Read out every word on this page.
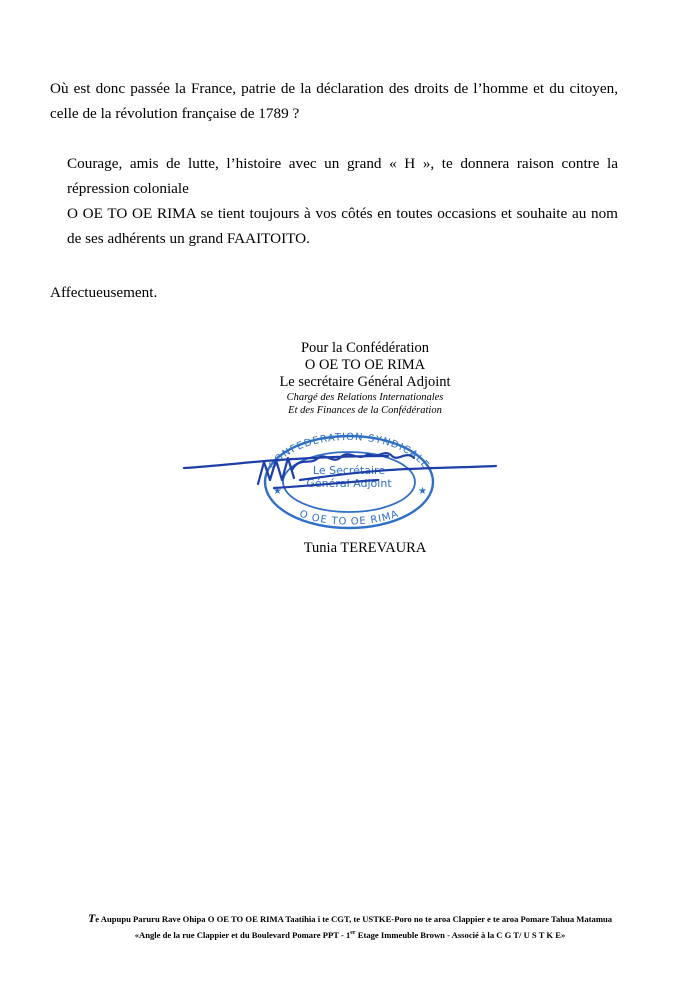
Où est donc passée la France, patrie de la déclaration des droits de l’homme et du citoyen, celle de la révolution française de 1789 ?

Courage, amis de lutte, l’histoire avec un grand « H », te donnera raison contre la répression coloniale
O OE TO OE RIMA se tient toujours à vos côtés en toutes occasions et souhaite au nom de ses adhérents un grand FAAITOITO.
Affectueusement.
Pour la Confédération
O OE TO OE RIMA
Le secrétaire Général Adjoint
Chargé des Relations Internationales
Et des Finances de la Confédération
★	★
CONFEDERATION SYNDICALE
O OE TO OE RIMA
Le Secrétaire
Général Adjoint
Tunia TEREVAURA
Te Aupupu Paruru Rave Ohipa O OE TO OE RIMA Taatihia i te CGT, te USTKE-Poro no te aroa Clappier e te aroa Pomare Tahua Matamua
«Angle de la rue Clappier et du Boulevard Pomare PPT - 1er Etage Immeuble Brown - Associé à la C G T/ U S T K E»
